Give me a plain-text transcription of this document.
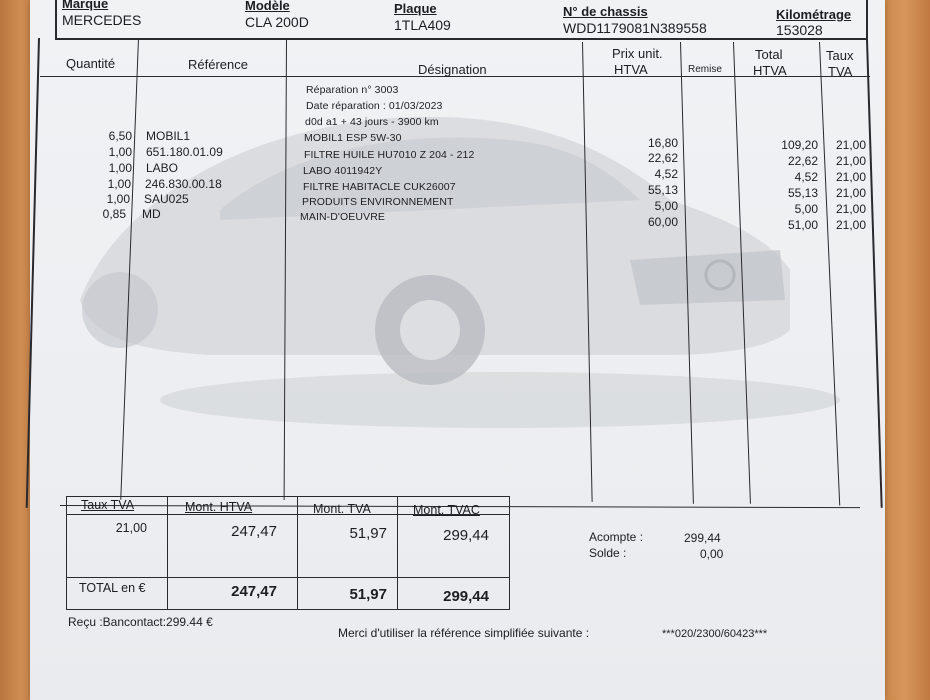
Marque
MERCEDES
Modèle
CLA 200D
Plaque
1TLA409
N° de chassis
WDD1179081N389558
Kilométrage
153028
Quantité	Référence	Désignation
Prix unit.
HTVA	Remise
Total
HTVA
Taux
TVA
Réparation n° 3003
Date réparation : 01/03/2023
d0d a1 + 43 jours - 3900 km
6,50 MOBIL1	MOBIL1 ESP 5W-30	16,80	109,20	21,00
1,00 651.180.01.09	FILTRE HUILE HU7010 Z 204 - 212	22,62	22,62	21,00
1,00 LABO	LABO 4011942Y	4,52	4,52	21,00
1,00 246.830.00.18	FILTRE HABITACLE CUK26007	55,13	55,13	21,00
1,00 SAU025	PRODUITS ENVIRONNEMENT	5,00	5,00	21,00
0,85 MD	MAIN-D'OEUVRE	60,00	51,00	21,00
Taux TVA	Mont. HTVA	Mont. TVA	Mont. TVAC
21,00	247,47	51,97	299,44
TOTAL en €	247,47	51,97	299,44
Acompte :	299,44
Solde :	0,00
Reçu :Bancontact:299.44 €
Merci d'utiliser la référence simplifiée suivante :	***020/2300/60423***
